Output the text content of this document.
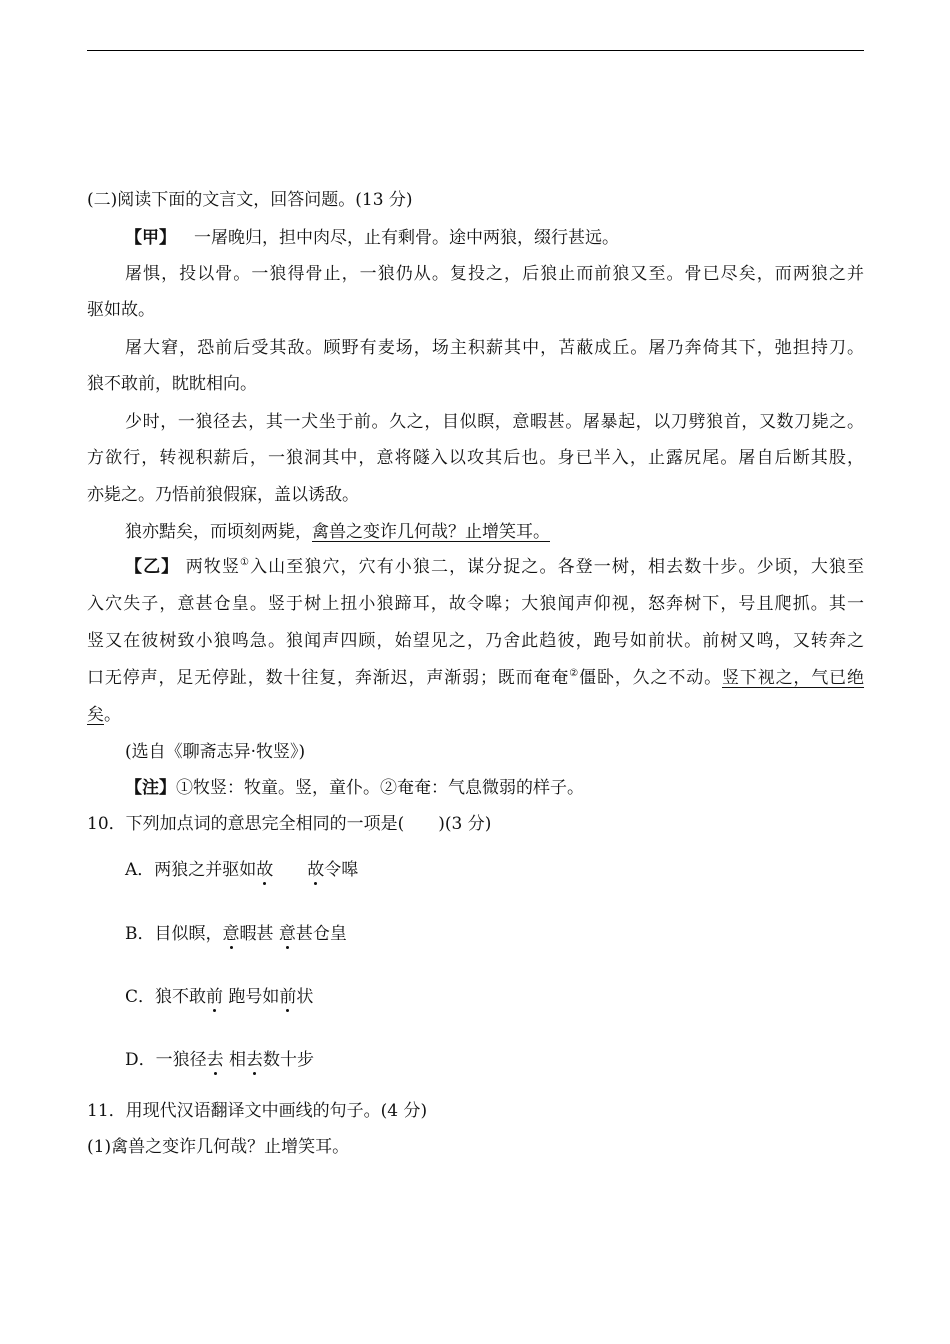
(二)阅读下面的文言文，回答问题。(13 分)
【甲】 一屠晚归，担中肉尽，止有剩骨。途中两狼，缀行甚远。
屠惧，投以骨。一狼得骨止，一狼仍从。复投之，后狼止而前狼又至。骨已尽矣，而两狼之并
驱如故。
屠大窘，恐前后受其敌。顾野有麦场，场主积薪其中，苫蔽成丘。屠乃奔倚其下，弛担持刀。
狼不敢前，眈眈相向。
少时，一狼径去，其一犬坐于前。久之，目似瞑，意暇甚。屠暴起，以刀劈狼首，又数刀毙之。
方欲行，转视积薪后，一狼洞其中，意将隧入以攻其后也。身已半入，止露尻尾。屠自后断其股，
亦毙之。乃悟前狼假寐，盖以诱敌。
狼亦黠矣，而顷刻两毙，禽兽之变诈几何哉？止增笑耳。
【乙】 两牧竖①入山至狼穴，穴有小狼二，谋分捉之。各登一树，相去数十步。少顷，大狼至
入穴失子，意甚仓皇。竖于树上扭小狼蹄耳，故令嗥；大狼闻声仰视，怒奔树下，号且爬抓。其一
竖又在彼树致小狼鸣急。狼闻声四顾，始望见之，乃舍此趋彼，跑号如前状。前树又鸣，又转奔之
口无停声，足无停趾，数十往复，奔渐迟，声渐弱；既而奄奄②僵卧，久之不动。竖下视之，气已绝
矣。
(选自《聊斋志异·牧竖》)
【注】①牧竖：牧童。竖，童仆。②奄奄：气息微弱的样子。
10．下列加点词的意思完全相同的一项是(　　)(3 分)
A．两狼之并驱如故　　 故令嗥
B．目似瞑，意暇甚 意甚仓皇
C．狼不敢前 跑号如前状
D．一狼径去 相去数十步
11．用现代汉语翻译文中画线的句子。(4 分)
(1)禽兽之变诈几何哉？止增笑耳。
